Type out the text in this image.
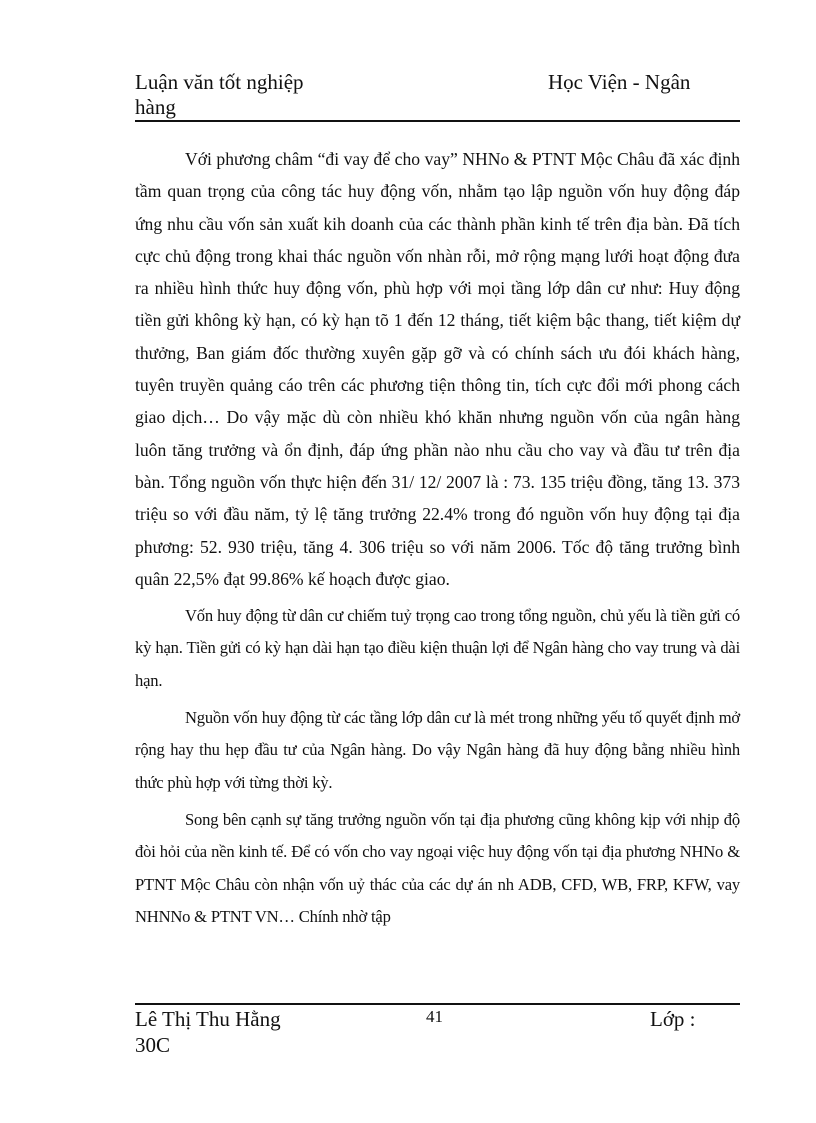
Luận văn tốt nghiệp
hàng
Học Viện - Ngân

Với phương châm “đi vay để cho vay” NHNo & PTNT Mộc Châu đã xác định tầm quan trọng của công tác huy động vốn, nhằm tạo lập nguồn vốn huy động đáp ứng nhu cầu vốn sản xuất kih doanh của các thành phần kinh tế trên địa bàn. Đã tích cực chủ động trong khai thác nguồn vốn nhàn rỗi, mở rộng mạng lưới hoạt động đưa ra nhiều hình thức huy động vốn, phù hợp với mọi tầng lớp dân cư như: Huy động tiền gửi không kỳ hạn, có kỳ hạn tõ 1 đến 12 tháng, tiết kiệm bậc thang, tiết kiệm dự thưởng, Ban giám đốc thường xuyên gặp gỡ và có chính sách ưu đói khách hàng, tuyên truyền quảng cáo trên các phương tiện thông tin, tích cực đổi mới phong cách giao dịch… Do vậy mặc dù còn nhiều khó khăn nhưng nguồn vốn của ngân hàng luôn tăng trưởng và ổn định, đáp ứng phần nào nhu cầu cho vay và đầu tư trên địa bàn. Tổng nguồn vốn thực hiện đến 31/ 12/ 2007 là : 73. 135 triệu đồng, tăng 13. 373 triệu so với đầu năm, tỷ lệ tăng trưởng 22.4% trong đó nguồn vốn huy động tại địa phương: 52. 930 triệu, tăng 4. 306 triệu so với năm 2006. Tốc độ tăng trưởng bình quân 22,5% đạt 99.86% kế hoạch được giao.

Vốn huy động từ dân cư chiếm tuỷ trọng cao trong tổng nguồn, chủ yếu là tiền gửi có kỳ hạn. Tiền gửi có kỳ hạn dài hạn tạo điều kiện thuận lợi để Ngân hàng cho vay trung và dài hạn.

Nguồn vốn huy động từ các tầng lớp dân cư là mét trong những yếu tố quyết định mở rộng hay thu hẹp đầu tư của Ngân hàng. Do vậy Ngân hàng đã huy động bằng nhiều hình thức phù hợp với từng thời kỳ.

Song bên cạnh sự tăng trưởng nguồn vốn tại địa phương cũng không kịp với nhịp độ đòi hỏi của nền kinh tế. Để có vốn cho vay ngoại việc huy động vốn tại địa phương NHNo & PTNT Mộc Châu còn nhận vốn uỷ thác của các dự án nh ADB, CFD, WB, FRP, KFW, vay NHNNo & PTNT VN… Chính nhờ tập

Lê Thị Thu Hằng
30C
41	Lớp :
